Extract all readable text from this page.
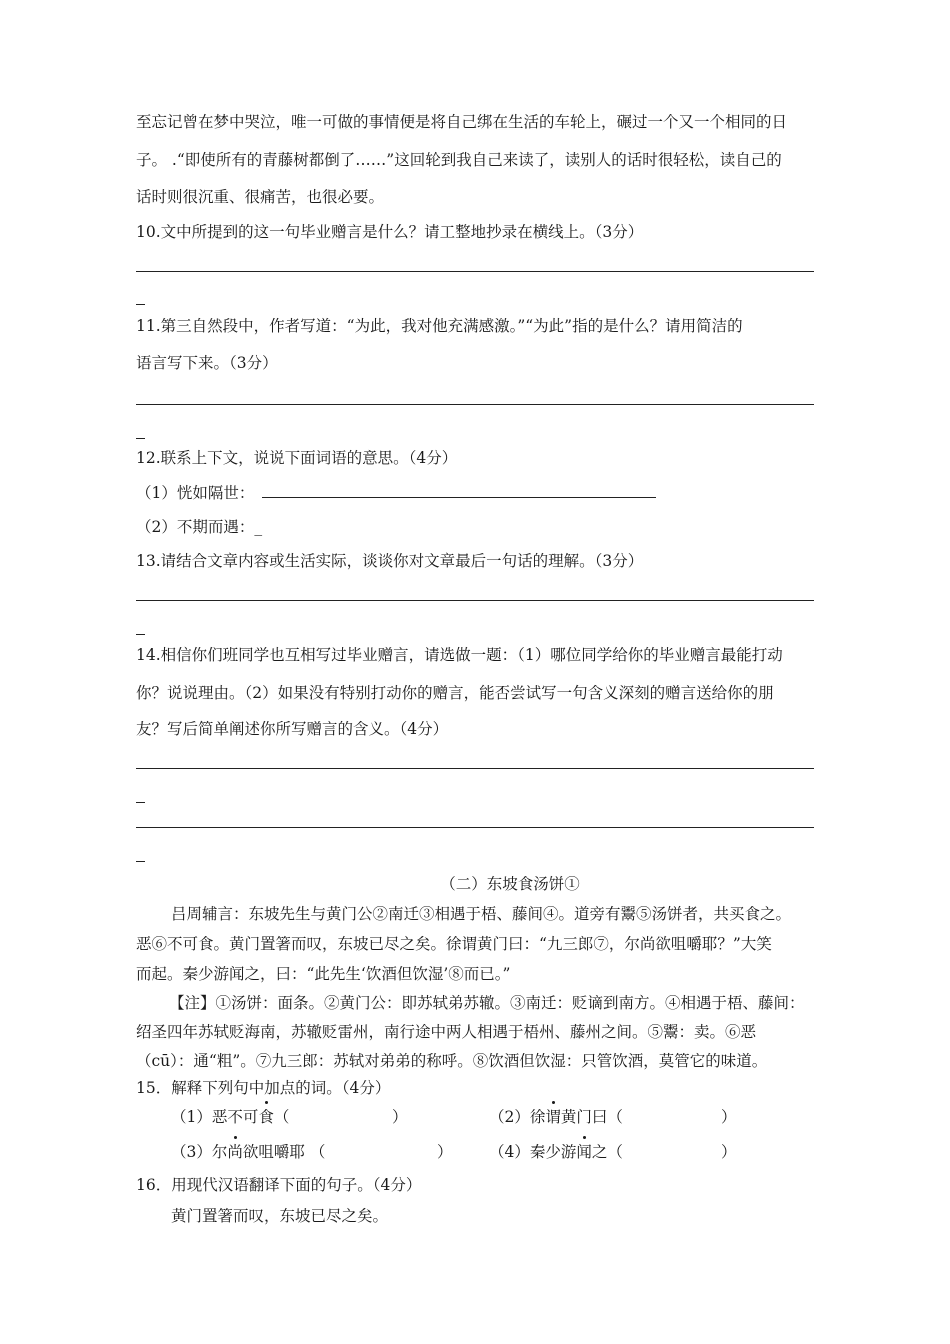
至忘记曾在梦中哭泣，唯一可做的事情便是将自己绑在生活的车轮上，碾过一个又一个相同的日
子。 .“即使所有的青藤树都倒了……”这回轮到我自己来读了，读别人的话时很轻松，读自己的
话时则很沉重、很痛苦，也很必要。
10.文中所提到的这一句毕业赠言是什么？请工整地抄录在横线上。（3分）
11.第三自然段中，作者写道：“为此，我对他充满感激。”“为此”指的是什么？请用简洁的
语言写下来。（3分）
12.联系上下文，说说下面词语的意思。（4分）
（1）恍如隔世：
（2）不期而遇：_
13.请结合文章内容或生活实际，谈谈你对文章最后一句话的理解。（3分）
14.相信你们班同学也互相写过毕业赠言，请选做一题：（1）哪位同学给你的毕业赠言最能打动
你？说说理由。（2）如果没有特别打动你的赠言，能否尝试写一句含义深刻的赠言送给你的朋
友？写后简单阐述你所写赠言的含义。（4分）
（二）东坡食汤饼①
吕周辅言：东坡先生与黄门公②南迁③相遇于梧、藤间④。道旁有鬻⑤汤饼者，共买食之。
恶⑥不可食。黄门置箸而叹，东坡已尽之矣。徐谓黄门曰：“九三郎⑦，尔尚欲咀嚼耶？”大笑
而起。秦少游闻之，曰：“此先生‘饮酒但饮湿’⑧而已。”
【注】①汤饼：面条。②黄门公：即苏轼弟苏辙。③南迁：贬谪到南方。④相遇于梧、藤间：
绍圣四年苏轼贬海南，苏辙贬雷州，南行途中两人相遇于梧州、藤州之间。⑤鬻：卖。⑥恶
（cū）：通“粗”。⑦九三郎：苏轼对弟弟的称呼。⑧饮酒但饮湿：只管饮酒，莫管它的味道。
15．解释下列句中加点的词。（4分）
（1）恶不可食（	）	（2）徐谓黄门曰（	）
（3）尔尚欲咀嚼耶 （	） （4）秦少游闻之（	）
16．用现代汉语翻译下面的句子。（4分）
黄门置箸而叹，东坡已尽之矣。
